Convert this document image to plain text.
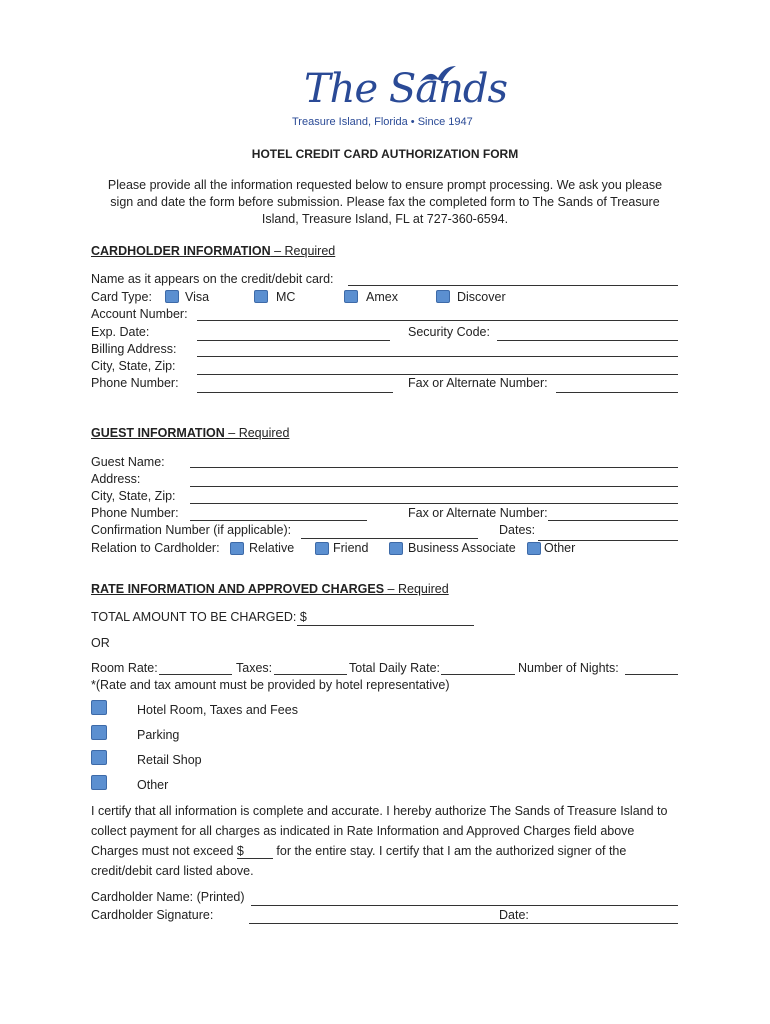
The Sands
Treasure Island, Florida • Since 1947
HOTEL CREDIT CARD AUTHORIZATION FORM
Please provide all the information requested below to ensure prompt processing. We ask you please
sign and date the form before submission. Please fax the completed form to The Sands of Treasure
Island, Treasure Island, FL at 727-360-6594.
CARDHOLDER INFORMATION – Required
Name as it appears on the credit/debit card:
Card Type:	Visa	MC	Amex	Discover
Account Number:
Exp. Date:	Security Code:
Billing Address:
City, State, Zip:
Phone Number:	Fax or Alternate Number:
GUEST INFORMATION – Required
Guest Name:
Address:
City, State, Zip:
Phone Number:	Fax or Alternate Number:
Confirmation Number (if applicable):	Dates:
Relation to Cardholder: Relative	Friend	Business Associate Other
RATE INFORMATION AND APPROVED CHARGES – Required
TOTAL AMOUNT TO BE CHARGED: $
OR
Room Rate:	Taxes:	Total Daily Rate:	Number of Nights:
*(Rate and tax amount must be provided by hotel representative)
Hotel Room, Taxes and Fees
Parking
Retail Shop
Other
I certify that all information is complete and accurate. I hereby authorize The Sands of Treasure Island to
collect payment for all charges as indicated in Rate Information and Approved Charges field above
Charges must not exceed $ for the entire stay. I certify that I am the authorized signer of the
credit/debit card listed above.
Cardholder Name: (Printed)
Cardholder Signature:	Date:
